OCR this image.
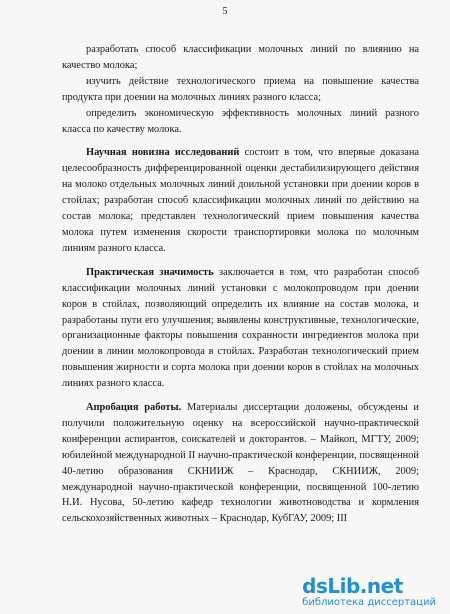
5

разработать способ классификации молочных линий по влиянию на качество молока;

изучить действие технологического приема на повышение качества продукта при доении на молочных линиях разного класса;

определить экономическую эффективность молочных линий разного класса по качеству молока.

Научная новизна исследований состоит в том, что впервые доказана целесообразность дифференцированной оценки дестабилизирующего действия на молоко отдельных молочных линий доильной установки при доении коров в стойлах; разработан способ классификации молочных линий по действию на состав молока; представлен технологический прием повышения качества молока путем изменения скорости транспортировки молока по молочным линиям разного класса.

Практическая значимость заключается в том, что разработан способ классификации молочных линий установки с молокопроводом при доении коров в стойлах, позволяющий определить их влияние на состав молока, и разработаны пути его улучшения; выявлены конструктивные, технологические, организационные факторы повышения сохранности ингредиентов молока при доении в линии молокопровода в стойлах. Разработан технологический прием повышения жирности и сорта молока при доении коров в стойлах на молочных линиях разного класса.

Апробация работы. Материалы диссертации доложены, обсуждены и получили положительную оценку на всероссийской научно-практической конференции аспирантов, соискателей и докторантов. – Майкоп, МГТУ, 2009; юбилейной международной II научно-практической конференции, посвященной 40-летию образования СКНИИЖ – Краснодар, СКНИИЖ, 2009; международной научно-практической конференции, посвященной 100-летию Н.И. Нусова, 50-летию кафедр технологии животноводства и кормления сельскохозяйственных животных – Краснодар, КубГАУ, 2009; III

dsLib.net
библиотека диссертаций
